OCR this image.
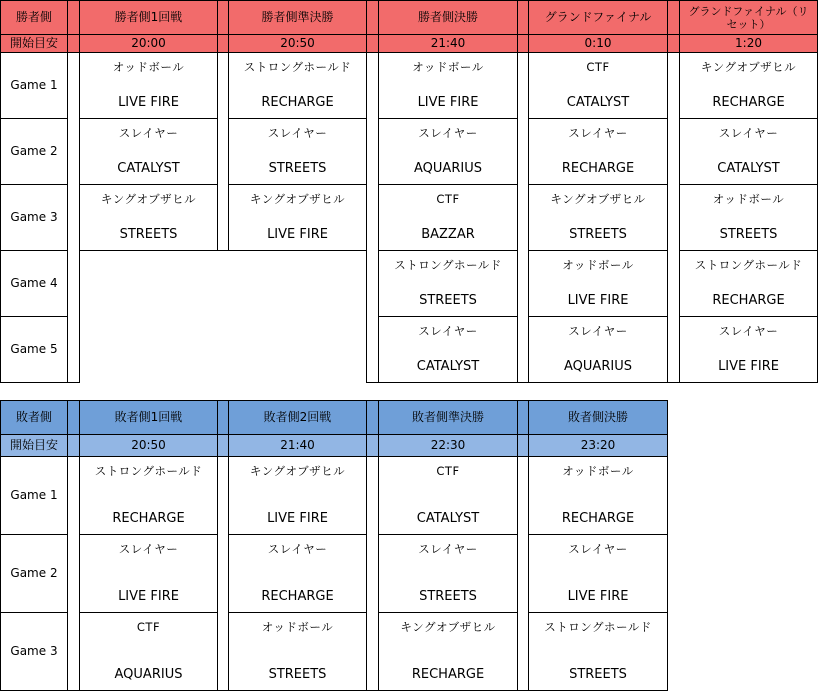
勝者側
開始目安
Game 1
Game 2
Game 3
Game 4
Game 5
勝者側1回戦
20:00
オッドボール
LIVE FIRE
スレイヤー
CATALYST
キングオブザヒル
STREETS
勝者側準決勝
20:50
ストロングホールド
RECHARGE
スレイヤー
STREETS
キングオブザヒル
LIVE FIRE
勝者側決勝
21:40
オッドボール
LIVE FIRE
スレイヤー
AQUARIUS
CTF
BAZZAR
ストロングホールド
STREETS
スレイヤー
CATALYST
グランドファイナル
0:10
CTF
CATALYST
スレイヤー
RECHARGE
キングオブザヒル
STREETS
オッドボール
LIVE FIRE
スレイヤー
AQUARIUS
グランドファイナル（リセット）
1:20
キングオブザヒル
RECHARGE
スレイヤー
CATALYST
オッドボール
STREETS
ストロングホールド
RECHARGE
スレイヤー
LIVE FIRE
敗者側
開始目安
Game 1
Game 2
Game 3
敗者側1回戦
20:50
ストロングホールド
RECHARGE
スレイヤー
LIVE FIRE
CTF
AQUARIUS
敗者側2回戦
21:40
キングオブザヒル
LIVE FIRE
スレイヤー
RECHARGE
オッドボール
STREETS
敗者側準決勝
22:30
CTF
CATALYST
スレイヤー
STREETS
キングオブザヒル
RECHARGE
敗者側決勝
23:20
オッドボール
RECHARGE
スレイヤー
LIVE FIRE
ストロングホールド
STREETS
